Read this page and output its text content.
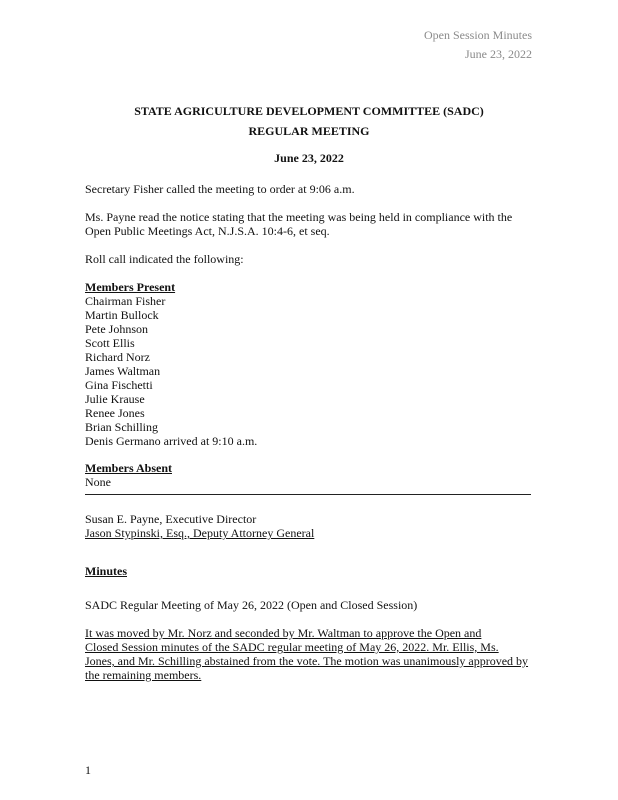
Open Session Minutes
June 23, 2022
STATE AGRICULTURE DEVELOPMENT COMMITTEE (SADC)
REGULAR MEETING
June 23, 2022

Secretary Fisher called the meeting to order at 9:06 a.m.

Ms. Payne read the notice stating that the meeting was being held in compliance with the Open Public Meetings Act, N.J.S.A. 10:4-6, et seq.

Roll call indicated the following:

Members Present
Chairman Fisher
Martin Bullock
Pete Johnson
Scott Ellis
Richard Norz
James Waltman
Gina Fischetti
Julie Krause
Renee Jones
Brian Schilling
Denis Germano arrived at 9:10 a.m.
Members Absent
None
Susan E. Payne, Executive Director
Jason Stypinski, Esq., Deputy Attorney General
Minutes

SADC Regular Meeting of May 26, 2022 (Open and Closed Session)

It was moved by Mr. Norz and seconded by Mr. Waltman to approve the Open and
Closed Session minutes of the SADC regular meeting of May 26, 2022. Mr. Ellis, Ms.
Jones, and Mr. Schilling abstained from the vote. The motion was unanimously approved by
the remaining members.
1
